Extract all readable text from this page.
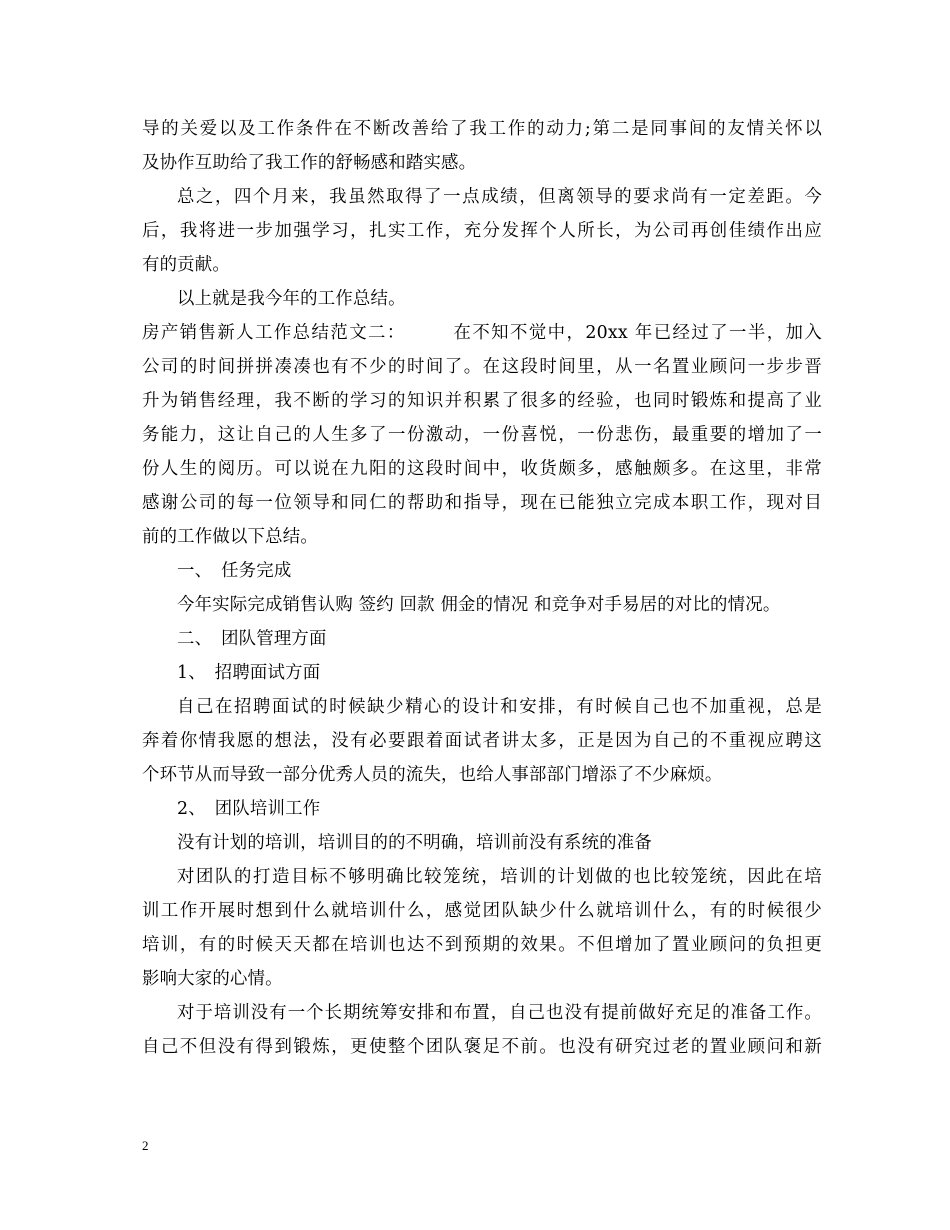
导的关爱以及工作条件在不断改善给了我工作的动力;第二是同事间的友情关怀以
及协作互助给了我工作的舒畅感和踏实感。
总之，四个月来，我虽然取得了一点成绩，但离领导的要求尚有一定差距。今
后，我将进一步加强学习，扎实工作，充分发挥个人所长，为公司再创佳绩作出应
有的贡献。
以上就是我今年的工作总结。
房产销售新人工作总结范文二：　　　在不知不觉中，20xx 年已经过了一半，加入
公司的时间拼拼凑凑也有不少的时间了。在这段时间里，从一名置业顾问一步步晋
升为销售经理，我不断的学习的知识并积累了很多的经验，也同时锻炼和提高了业
务能力，这让自己的人生多了一份激动，一份喜悦，一份悲伤，最重要的增加了一
份人生的阅历。可以说在九阳的这段时间中，收货颇多，感触颇多。在这里，非常
感谢公司的每一位领导和同仁的帮助和指导，现在已能独立完成本职工作，现对目
前的工作做以下总结。
一、　任务完成
今年实际完成销售认购 签约 回款 佣金的情况 和竞争对手易居的对比的情况。
二、　团队管理方面
1、　招聘面试方面
自己在招聘面试的时候缺少精心的设计和安排，有时候自己也不加重视，总是
奔着你情我愿的想法，没有必要跟着面试者讲太多，正是因为自己的不重视应聘这
个环节从而导致一部分优秀人员的流失，也给人事部部门增添了不少麻烦。
2、　团队培训工作
没有计划的培训，培训目的的不明确，培训前没有系统的准备
对团队的打造目标不够明确比较笼统，培训的计划做的也比较笼统，因此在培
训工作开展时想到什么就培训什么，感觉团队缺少什么就培训什么，有的时候很少
培训，有的时候天天都在培训也达不到预期的效果。不但增加了置业顾问的负担更
影响大家的心情。
对于培训没有一个长期统筹安排和布置，自己也没有提前做好充足的准备工作。
自己不但没有得到锻炼，更使整个团队褒足不前。也没有研究过老的置业顾问和新
2
